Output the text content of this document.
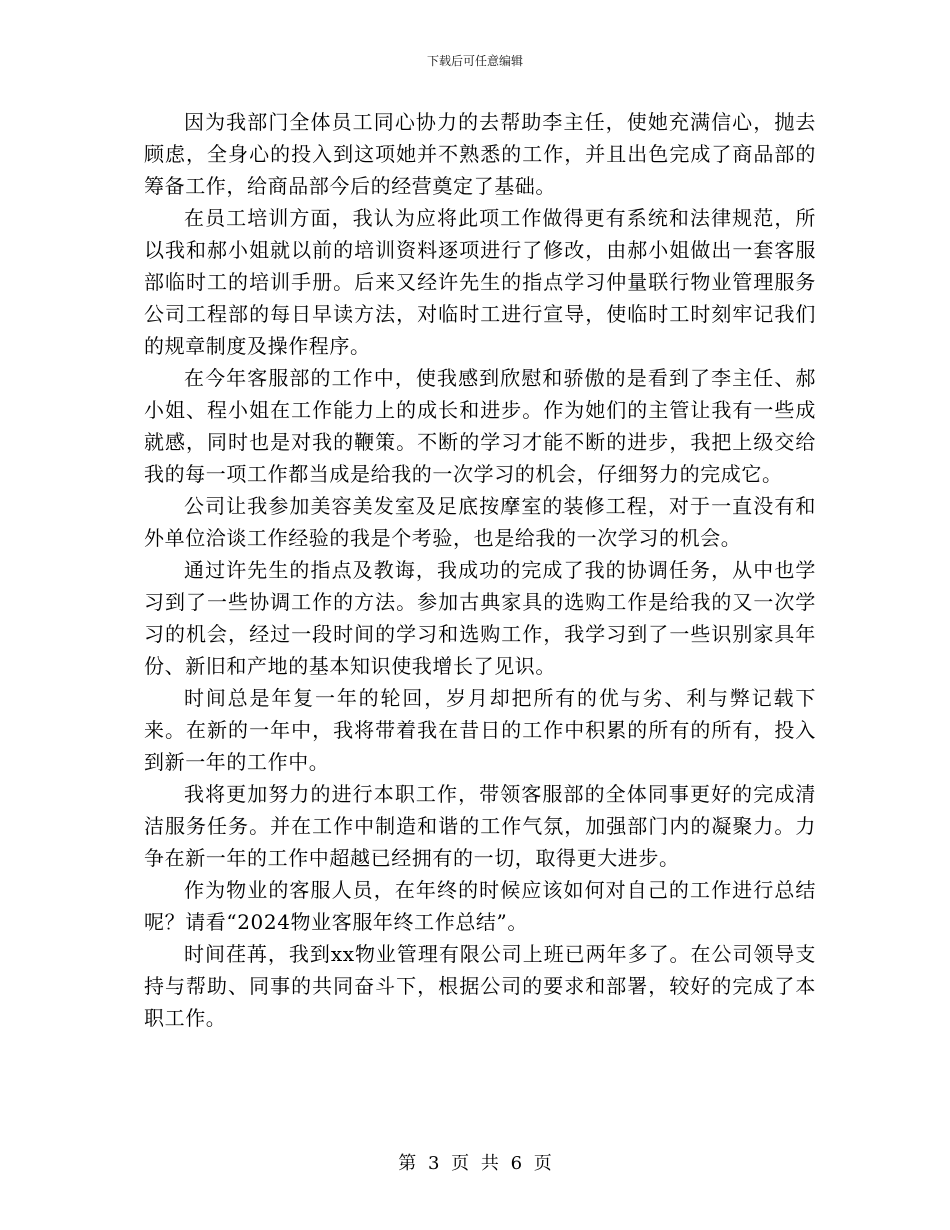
下载后可任意编辑

因为我部门全体员工同心协力的去帮助李主任，使她充满信心，抛去顾虑，全身心的投入到这项她并不熟悉的工作，并且出色完成了商品部的筹备工作，给商品部今后的经营奠定了基础。

在员工培训方面，我认为应将此项工作做得更有系统和法律规范，所以我和郝小姐就以前的培训资料逐项进行了修改，由郝小姐做出一套客服部临时工的培训手册。后来又经许先生的指点学习仲量联行物业管理服务公司工程部的每日早读方法，对临时工进行宣导，使临时工时刻牢记我们的规章制度及操作程序。

在今年客服部的工作中，使我感到欣慰和骄傲的是看到了李主任、郝小姐、程小姐在工作能力上的成长和进步。作为她们的主管让我有一些成就感，同时也是对我的鞭策。不断的学习才能不断的进步，我把上级交给我的每一项工作都当成是给我的一次学习的机会，仔细努力的完成它。

公司让我参加美容美发室及足底按摩室的装修工程，对于一直没有和外单位洽谈工作经验的我是个考验，也是给我的一次学习的机会。

通过许先生的指点及教诲，我成功的完成了我的协调任务，从中也学习到了一些协调工作的方法。参加古典家具的选购工作是给我的又一次学习的机会，经过一段时间的学习和选购工作，我学习到了一些识别家具年份、新旧和产地的基本知识使我增长了见识。

时间总是年复一年的轮回，岁月却把所有的优与劣、利与弊记载下来。在新的一年中，我将带着我在昔日的工作中积累的所有的所有，投入到新一年的工作中。

我将更加努力的进行本职工作，带领客服部的全体同事更好的完成清洁服务任务。并在工作中制造和谐的工作气氛，加强部门内的凝聚力。力争在新一年的工作中超越已经拥有的一切，取得更大进步。

作为物业的客服人员，在年终的时候应该如何对自己的工作进行总结呢？请看“2024物业客服年终工作总结”。

时间荏苒，我到xx物业管理有限公司上班已两年多了。在公司领导支持与帮助、同事的共同奋斗下，根据公司的要求和部署，较好的完成了本职工作。

第 3 页 共 6 页
